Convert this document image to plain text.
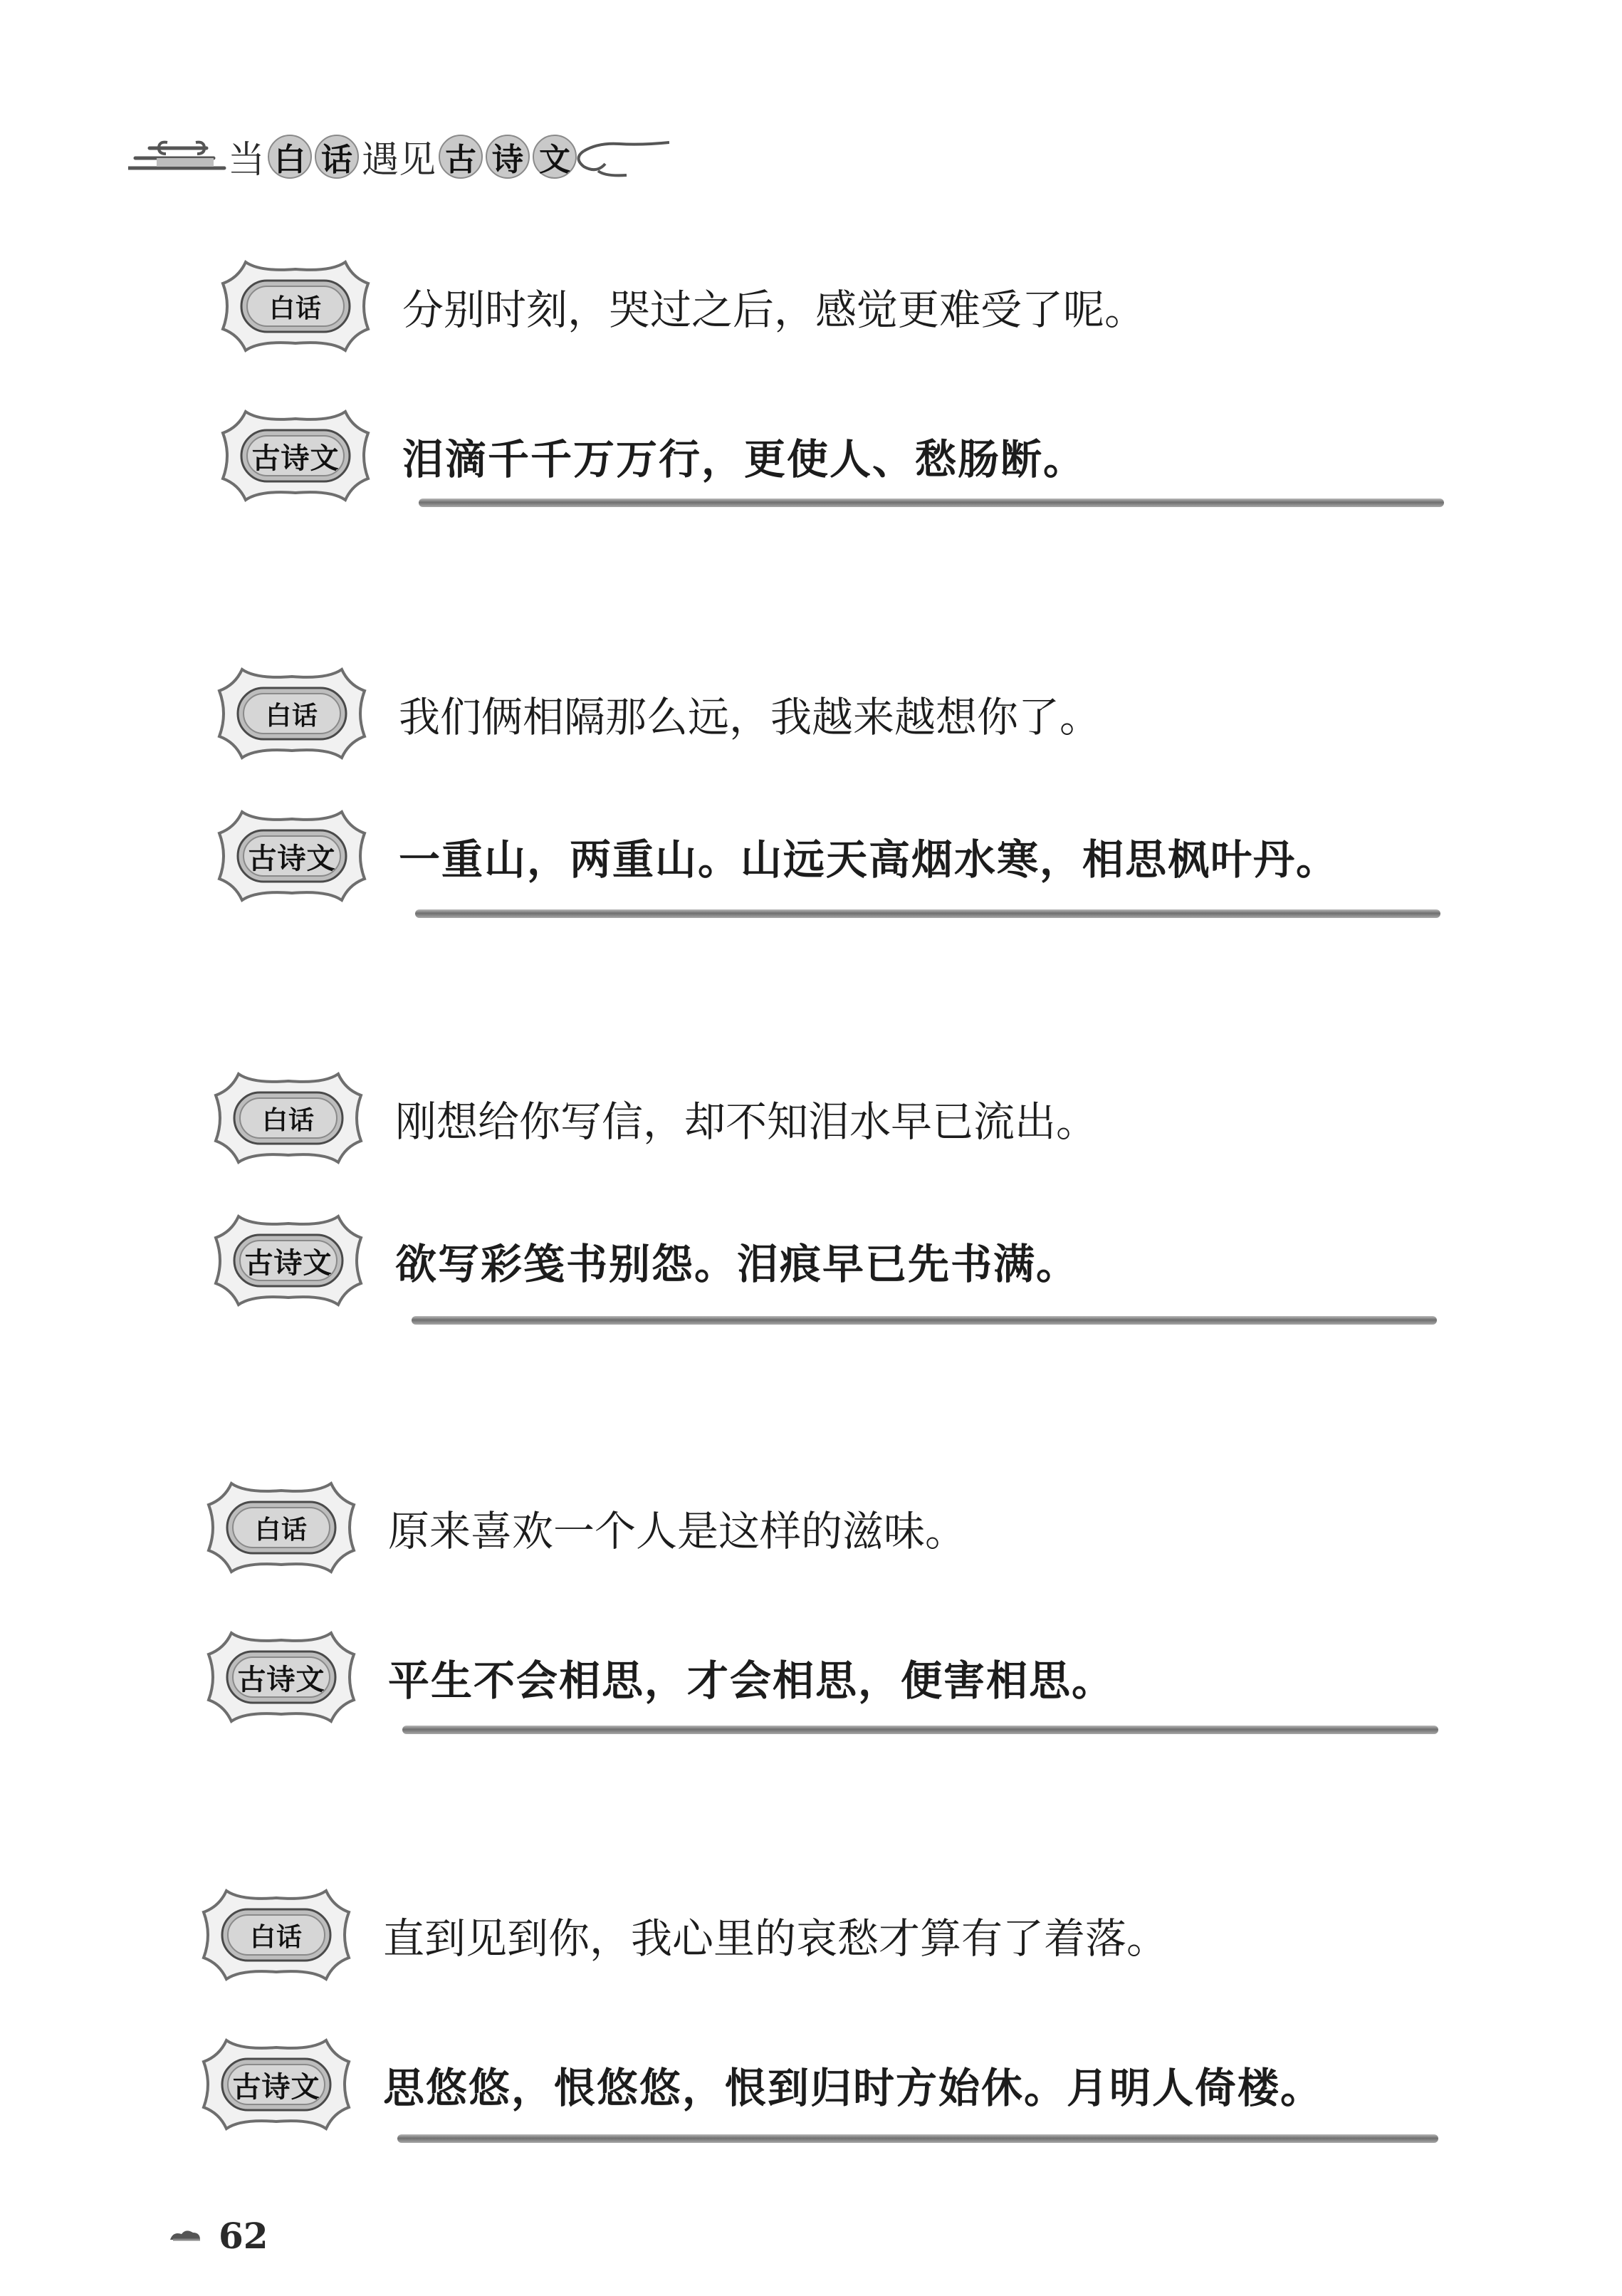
当 白 话 遇见 古 诗 文
白话	分别时刻，哭过之后，感觉更难受了呢。
古诗文	泪滴千千万万行，更使人、愁肠断。
白话	我们俩相隔那么远，我越来越想你了。
古诗文	一重山，两重山。山远天高烟水寒，相思枫叶丹。
白话	刚想给你写信，却不知泪水早已流出。
古诗文	欲写彩笺书别怨。泪痕早已先书满。
白话	原来喜欢一个人是这样的滋味。
古诗文	平生不会相思，才会相思，便害相思。
白话	直到见到你，我心里的哀愁才算有了着落。
古诗文	思悠悠，恨悠悠，恨到归时方始休。月明人倚楼。
62
